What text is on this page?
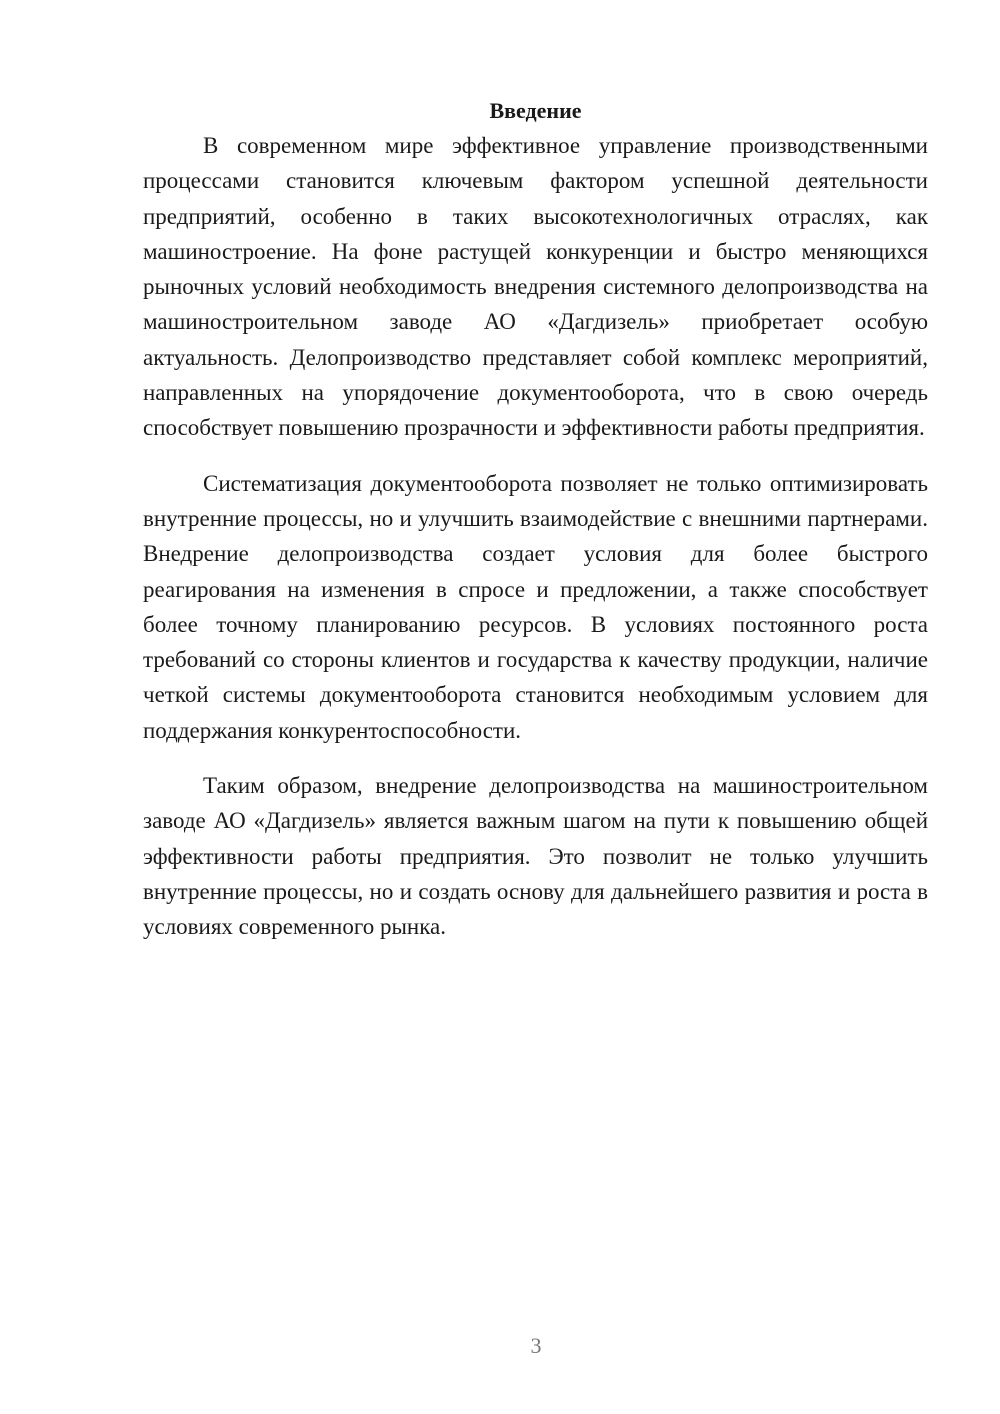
Введение

В современном мире эффективное управление производственными процессами становится ключевым фактором успешной деятельности предприятий, особенно в таких высокотехнологичных отраслях, как машиностроение. На фоне растущей конкуренции и быстро меняющихся рыночных условий необходимость внедрения системного делопроизводства на машиностроительном заводе АО «Дагдизель» приобретает особую актуальность. Делопроизводство представляет собой комплекс мероприятий, направленных на упорядочение документооборота, что в свою очередь способствует повышению прозрачности и эффективности работы предприятия.

Систематизация документооборота позволяет не только оптимизировать внутренние процессы, но и улучшить взаимодействие с внешними партнерами. Внедрение делопроизводства создает условия для более быстрого реагирования на изменения в спросе и предложении, а также способствует более точному планированию ресурсов. В условиях постоянного роста требований со стороны клиентов и государства к качеству продукции, наличие четкой системы документооборота становится необходимым условием для поддержания конкурентоспособности.

Таким образом, внедрение делопроизводства на машиностроительном заводе АО «Дагдизель» является важным шагом на пути к повышению общей эффективности работы предприятия. Это позволит не только улучшить внутренние процессы, но и создать основу для дальнейшего развития и роста в условиях современного рынка.

3
